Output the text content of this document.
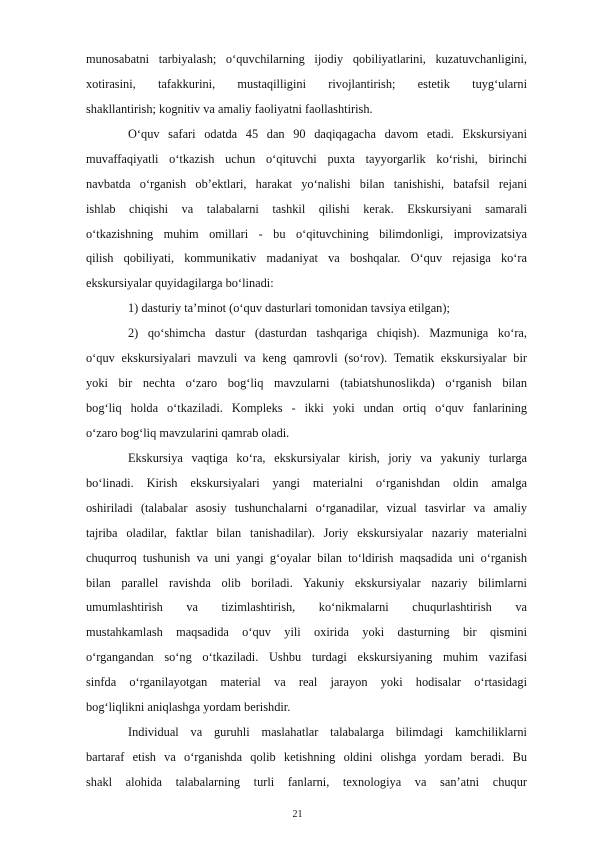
munosabatni tarbiyalash; o‘quvchilarning ijodiy qobiliyatlarini, kuzatuvchanligini,
xotirasini, tafakkurini, mustaqilligini rivojlantirish; estetik tuyg‘ularni
shakllantirish; kognitiv va amaliy faoliyatni faollashtirish.
O‘quv safari odatda 45 dan 90 daqiqagacha davom etadi. Ekskursiyani
muvaffaqiyatli o‘tkazish uchun o‘qituvchi puxta tayyorgarlik ko‘rishi, birinchi
navbatda o‘rganish ob’ektlari, harakat yo‘nalishi bilan tanishishi, batafsil rejani
ishlab chiqishi va talabalarni tashkil qilishi kerak. Ekskursiyani samarali
o‘tkazishning muhim omillari - bu o‘qituvchining bilimdonligi, improvizatsiya
qilish qobiliyati, kommunikativ madaniyat va boshqalar. O‘quv rejasiga ko‘ra
ekskursiyalar quyidagilarga bo‘linadi:
1) dasturiy ta’minot (o‘quv dasturlari tomonidan tavsiya etilgan);
2) qo‘shimcha dastur (dasturdan tashqariga chiqish). Mazmuniga ko‘ra,
o‘quv ekskursiyalari mavzuli va keng qamrovli (so‘rov). Tematik ekskursiyalar bir
yoki bir nechta o‘zaro bog‘liq mavzularni (tabiatshunoslikda) o‘rganish bilan
bog‘liq holda o‘tkaziladi. Kompleks - ikki yoki undan ortiq o‘quv fanlarining
o‘zaro bog‘liq mavzularini qamrab oladi.
Ekskursiya vaqtiga ko‘ra, ekskursiyalar kirish, joriy va yakuniy turlarga
bo‘linadi. Kirish ekskursiyalari yangi materialni o‘rganishdan oldin amalga
oshiriladi (talabalar asosiy tushunchalarni o‘rganadilar, vizual tasvirlar va amaliy
tajriba oladilar, faktlar bilan tanishadilar). Joriy ekskursiyalar nazariy materialni
chuqurroq tushunish va uni yangi g‘oyalar bilan to‘ldirish maqsadida uni o‘rganish
bilan parallel ravishda olib boriladi. Yakuniy ekskursiyalar nazariy bilimlarni
umumlashtirish va tizimlashtirish, ko‘nikmalarni chuqurlashtirish va
mustahkamlash maqsadida o‘quv yili oxirida yoki dasturning bir qismini
o‘rgangandan so‘ng o‘tkaziladi. Ushbu turdagi ekskursiyaning muhim vazifasi
sinfda o‘rganilayotgan material va real jarayon yoki hodisalar o‘rtasidagi
bog‘liqlikni aniqlashga yordam berishdir.
Individual va guruhli maslahatlar talabalarga bilimdagi kamchiliklarni
bartaraf etish va o‘rganishda qolib ketishning oldini olishga yordam beradi. Bu
shakl alohida talabalarning turli fanlarni, texnologiya va san’atni chuqur
21
